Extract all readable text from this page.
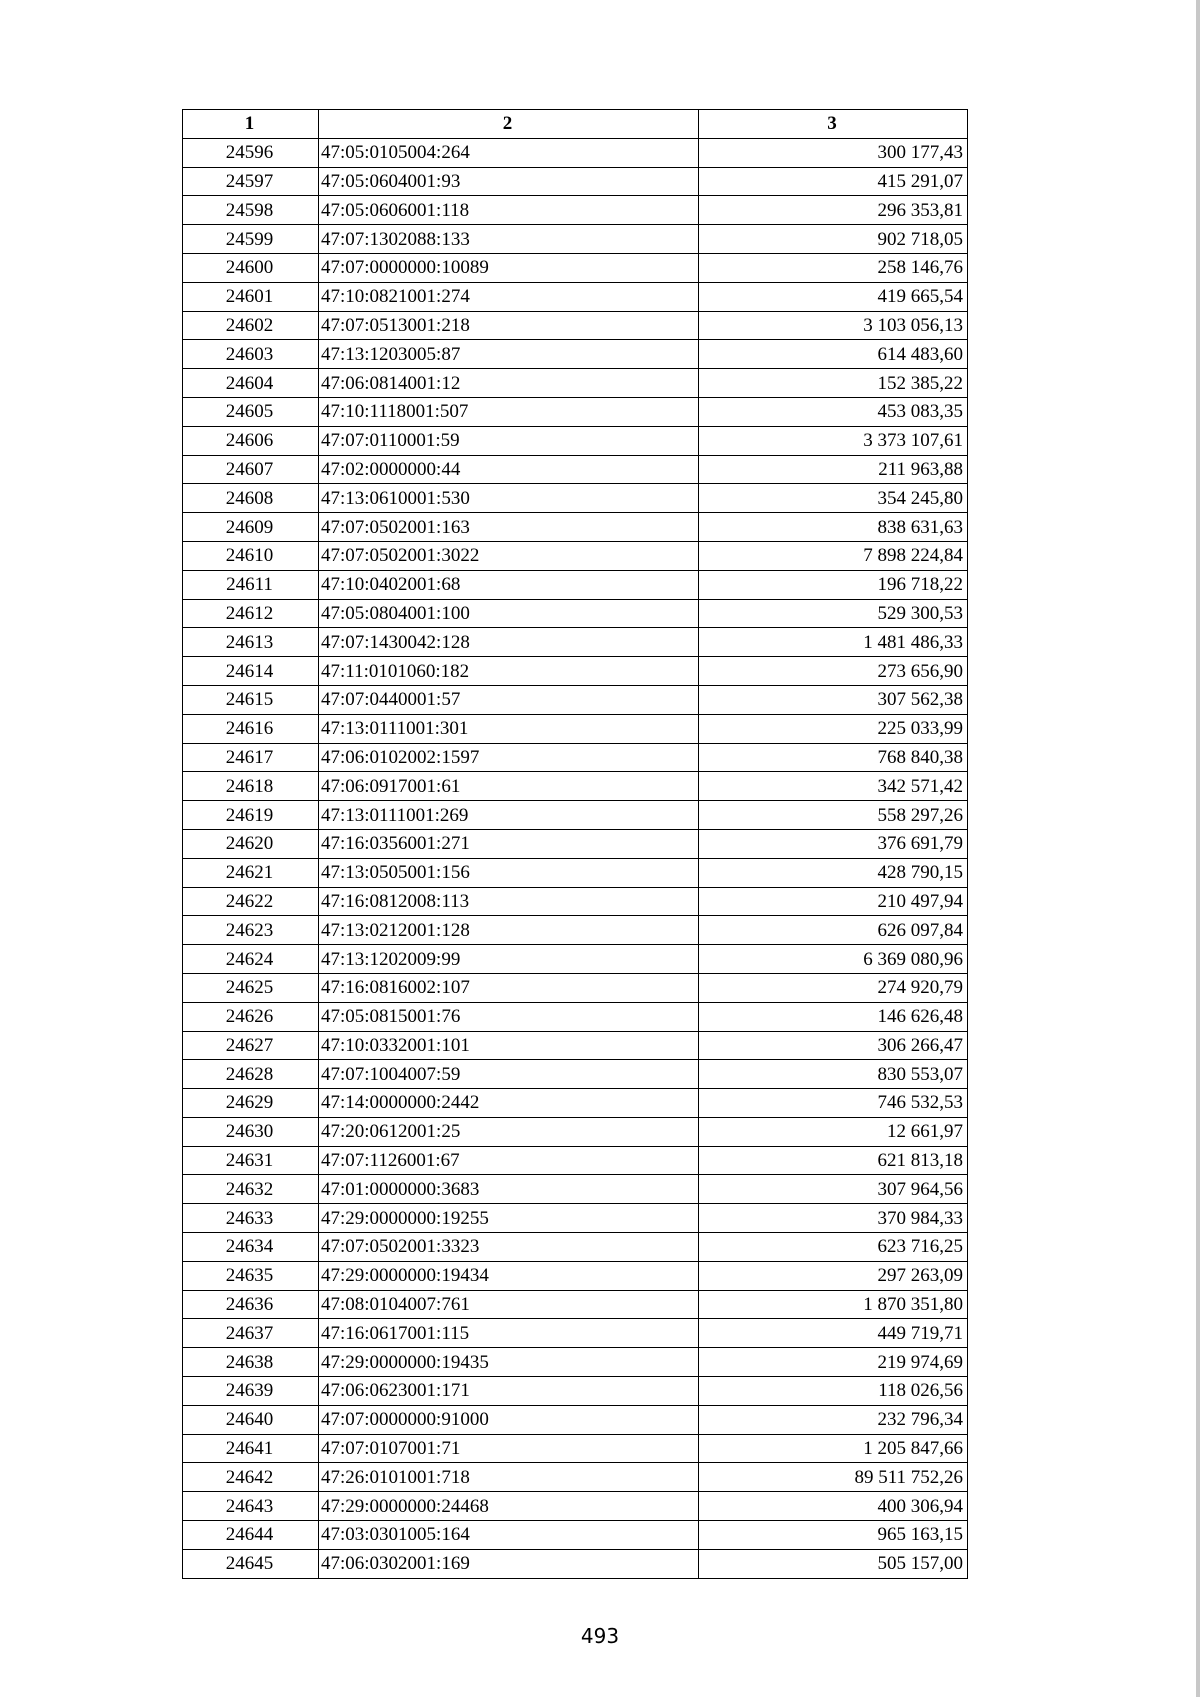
1	2	3
24596	47:05:0105004:264	300 177,43
24597	47:05:0604001:93	415 291,07
24598	47:05:0606001:118	296 353,81
24599	47:07:1302088:133	902 718,05
24600	47:07:0000000:10089	258 146,76
24601	47:10:0821001:274	419 665,54
24602	47:07:0513001:218	3 103 056,13
24603	47:13:1203005:87	614 483,60
24604	47:06:0814001:12	152 385,22
24605	47:10:1118001:507	453 083,35
24606	47:07:0110001:59	3 373 107,61
24607	47:02:0000000:44	211 963,88
24608	47:13:0610001:530	354 245,80
24609	47:07:0502001:163	838 631,63
24610	47:07:0502001:3022	7 898 224,84
24611	47:10:0402001:68	196 718,22
24612	47:05:0804001:100	529 300,53
24613	47:07:1430042:128	1 481 486,33
24614	47:11:0101060:182	273 656,90
24615	47:07:0440001:57	307 562,38
24616	47:13:0111001:301	225 033,99
24617	47:06:0102002:1597	768 840,38
24618	47:06:0917001:61	342 571,42
24619	47:13:0111001:269	558 297,26
24620	47:16:0356001:271	376 691,79
24621	47:13:0505001:156	428 790,15
24622	47:16:0812008:113	210 497,94
24623	47:13:0212001:128	626 097,84
24624	47:13:1202009:99	6 369 080,96
24625	47:16:0816002:107	274 920,79
24626	47:05:0815001:76	146 626,48
24627	47:10:0332001:101	306 266,47
24628	47:07:1004007:59	830 553,07
24629	47:14:0000000:2442	746 532,53
24630	47:20:0612001:25	12 661,97
24631	47:07:1126001:67	621 813,18
24632	47:01:0000000:3683	307 964,56
24633	47:29:0000000:19255	370 984,33
24634	47:07:0502001:3323	623 716,25
24635	47:29:0000000:19434	297 263,09
24636	47:08:0104007:761	1 870 351,80
24637	47:16:0617001:115	449 719,71
24638	47:29:0000000:19435	219 974,69
24639	47:06:0623001:171	118 026,56
24640	47:07:0000000:91000	232 796,34
24641	47:07:0107001:71	1 205 847,66
24642	47:26:0101001:718	89 511 752,26
24643	47:29:0000000:24468	400 306,94
24644	47:03:0301005:164	965 163,15
24645	47:06:0302001:169	505 157,00
493
